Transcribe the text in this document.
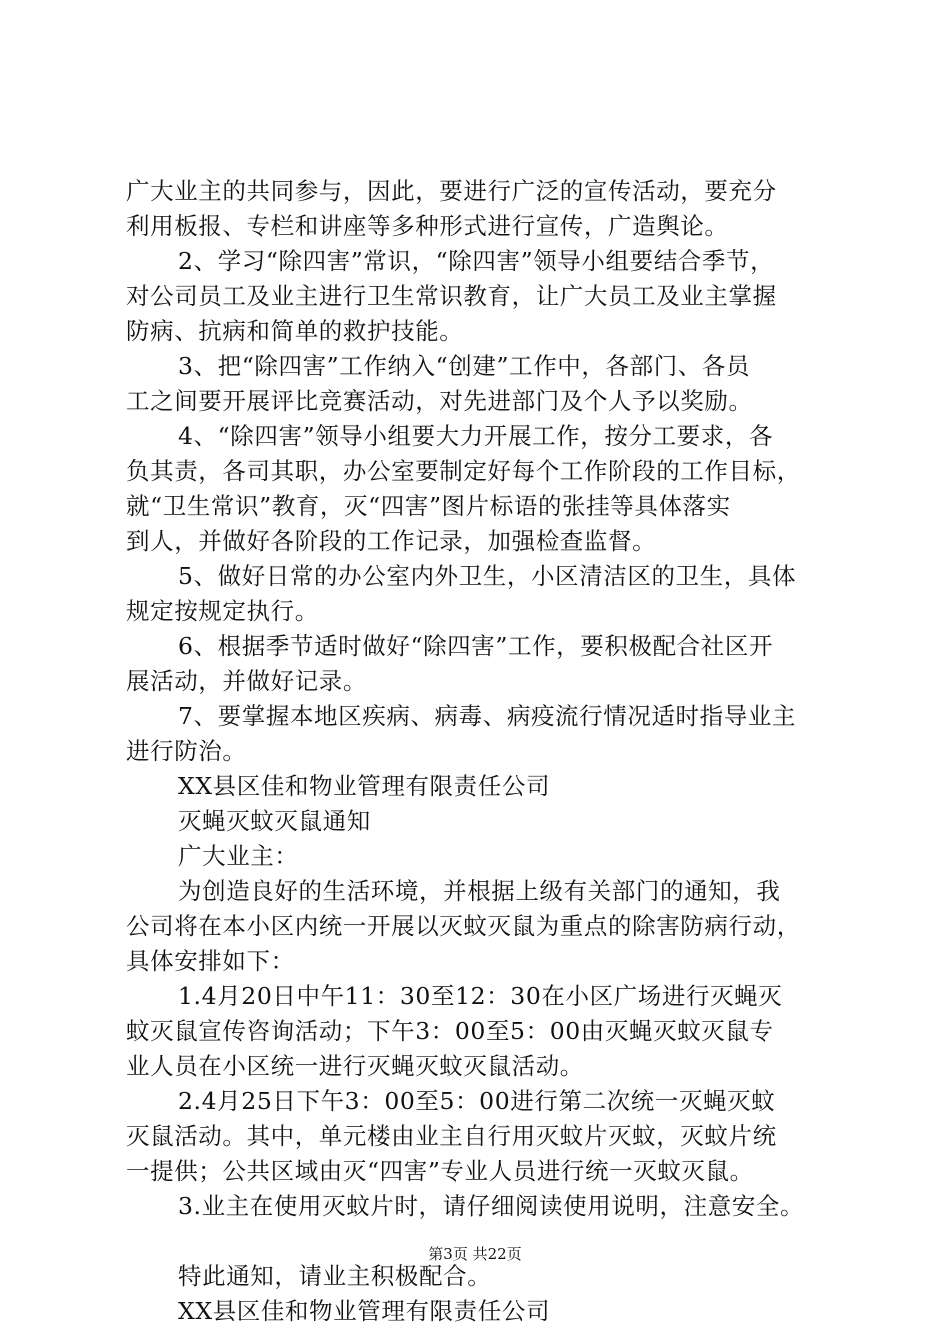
广大业主的共同参与，因此，要进行广泛的宣传活动，要充分
利用板报、专栏和讲座等多种形式进行宣传，广造舆论。
2、学习“除四害”常识，“除四害”领导小组要结合季节，
对公司员工及业主进行卫生常识教育，让广大员工及业主掌握
防病、抗病和简单的救护技能。
3、把“除四害”工作纳入“创建”工作中，各部门、各员
工之间要开展评比竞赛活动，对先进部门及个人予以奖励。
4、“除四害”领导小组要大力开展工作，按分工要求，各
负其责，各司其职，办公室要制定好每个工作阶段的工作目标，
就“卫生常识”教育，灭“四害”图片标语的张挂等具体落实
到人，并做好各阶段的工作记录，加强检查监督。
5、做好日常的办公室内外卫生，小区清洁区的卫生，具体
规定按规定执行。
6、根据季节适时做好“除四害”工作，要积极配合社区开
展活动，并做好记录。
7、要掌握本地区疾病、病毒、病疫流行情况适时指导业主
进行防治。
XX县区佳和物业管理有限责任公司
灭蝇灭蚊灭鼠通知
广大业主：
为创造良好的生活环境，并根据上级有关部门的通知，我
公司将在本小区内统一开展以灭蚊灭鼠为重点的除害防病行动，
具体安排如下：
1.4月20日中午11：30至12：30在小区广场进行灭蝇灭
蚊灭鼠宣传咨询活动；下午3：00至5：00由灭蝇灭蚊灭鼠专
业人员在小区统一进行灭蝇灭蚊灭鼠活动。
2.4月25日下午3：00至5：00进行第二次统一灭蝇灭蚊
灭鼠活动。其中，单元楼由业主自行用灭蚊片灭蚊，灭蚊片统
一提供；公共区域由灭“四害”专业人员进行统一灭蚊灭鼠。
3.业主在使用灭蚊片时，请仔细阅读使用说明，注意安全。
特此通知，请业主积极配合。
XX县区佳和物业管理有限责任公司
第3页 共22页
